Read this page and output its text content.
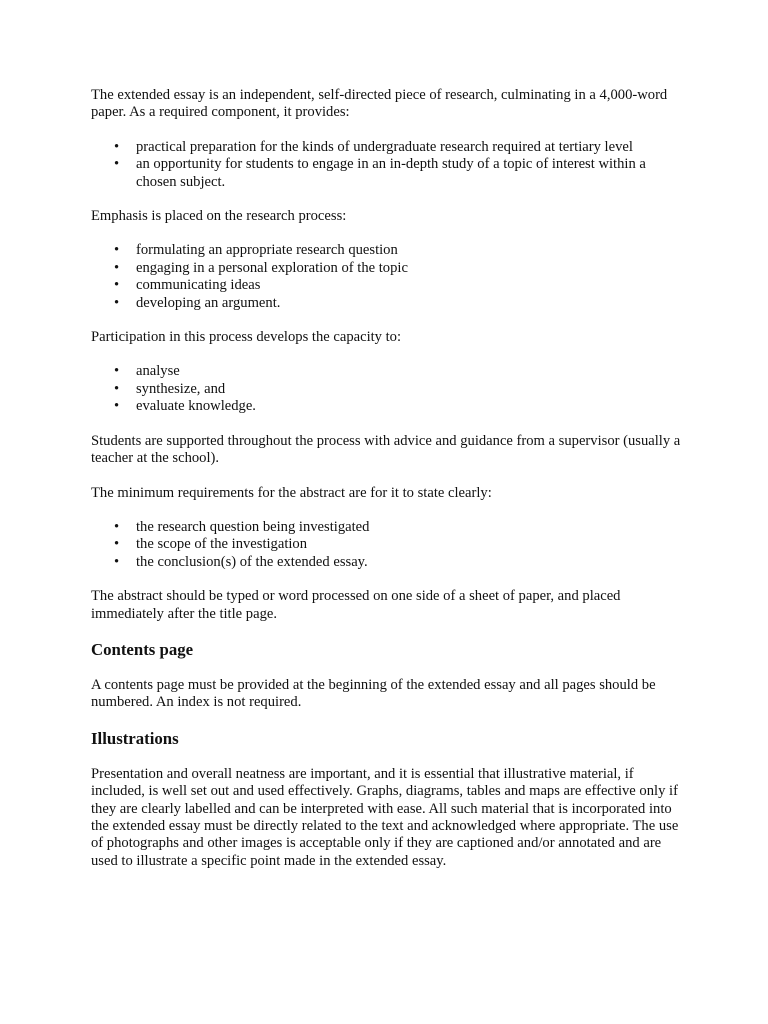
The extended essay is an independent, self-directed piece of research, culminating in a 4,000-word paper. As a required component, it provides:

• practical preparation for the kinds of undergraduate research required at tertiary level
• an opportunity for students to engage in an in-depth study of a topic of interest within a chosen subject.

Emphasis is placed on the research process:

• formulating an appropriate research question
• engaging in a personal exploration of the topic
• communicating ideas
• developing an argument.

Participation in this process develops the capacity to:

• analyse
• synthesize, and
• evaluate knowledge.

Students are supported throughout the process with advice and guidance from a supervisor (usually a teacher at the school).

The minimum requirements for the abstract are for it to state clearly:

• the research question being investigated
• the scope of the investigation
• the conclusion(s) of the extended essay.

The abstract should be typed or word processed on one side of a sheet of paper, and placed immediately after the title page.

Contents page

A contents page must be provided at the beginning of the extended essay and all pages should be numbered. An index is not required.

Illustrations

Presentation and overall neatness are important, and it is essential that illustrative material, if included, is well set out and used effectively. Graphs, diagrams, tables and maps are effective only if they are clearly labelled and can be interpreted with ease. All such material that is incorporated into the extended essay must be directly related to the text and acknowledged where appropriate. The use of photographs and other images is acceptable only if they are captioned and/or annotated and are used to illustrate a specific point made in the extended essay.
